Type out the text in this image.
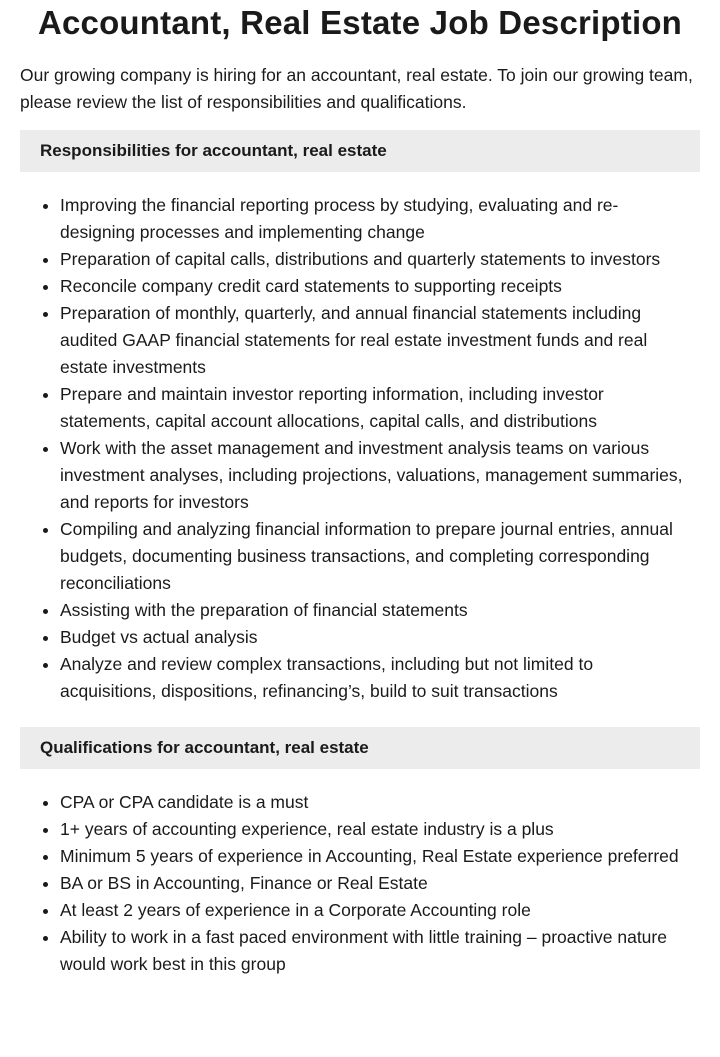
Accountant, Real Estate Job Description

Our growing company is hiring for an accountant, real estate. To join our growing team, please review the list of responsibilities and qualifications.

Responsibilities for accountant, real estate
• Improving the financial reporting process by studying, evaluating and re-designing processes and implementing change
• Preparation of capital calls, distributions and quarterly statements to investors
• Reconcile company credit card statements to supporting receipts
• Preparation of monthly, quarterly, and annual financial statements including audited GAAP financial statements for real estate investment funds and real estate investments
• Prepare and maintain investor reporting information, including investor statements, capital account allocations, capital calls, and distributions
• Work with the asset management and investment analysis teams on various investment analyses, including projections, valuations, management summaries, and reports for investors
• Compiling and analyzing financial information to prepare journal entries, annual budgets, documenting business transactions, and completing corresponding reconciliations
• Assisting with the preparation of financial statements
• Budget vs actual analysis
• Analyze and review complex transactions, including but not limited to acquisitions, dispositions, refinancing’s, build to suit transactions
Qualifications for accountant, real estate
• CPA or CPA candidate is a must
• 1+ years of accounting experience, real estate industry is a plus
• Minimum 5 years of experience in Accounting, Real Estate experience preferred
• BA or BS in Accounting, Finance or Real Estate
• At least 2 years of experience in a Corporate Accounting role
• Ability to work in a fast paced environment with little training – proactive nature would work best in this group
